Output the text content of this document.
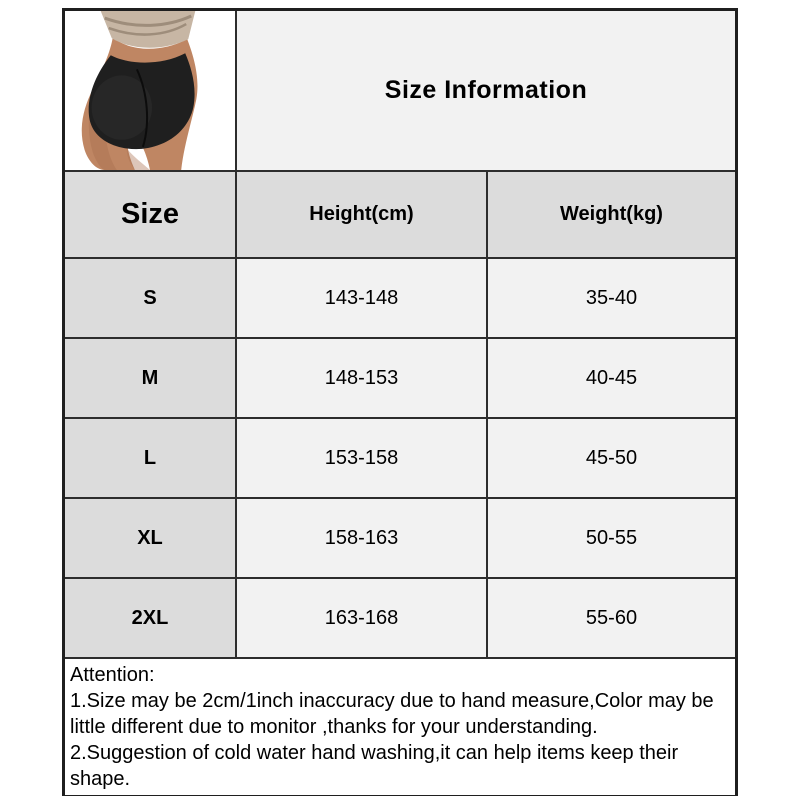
Size Information
Size	Height(cm)	Weight(kg)
S	143-148	35-40
M	148-153	40-45
L	153-158	45-50
XL	158-163	50-55
2XL	163-168	55-60

Attention:

1.Size may be 2cm/1inch inaccuracy due to hand measure,Color may be little different due to monitor ,thanks for your understanding.

2.Suggestion of cold water hand washing,it can help items keep their shape.
